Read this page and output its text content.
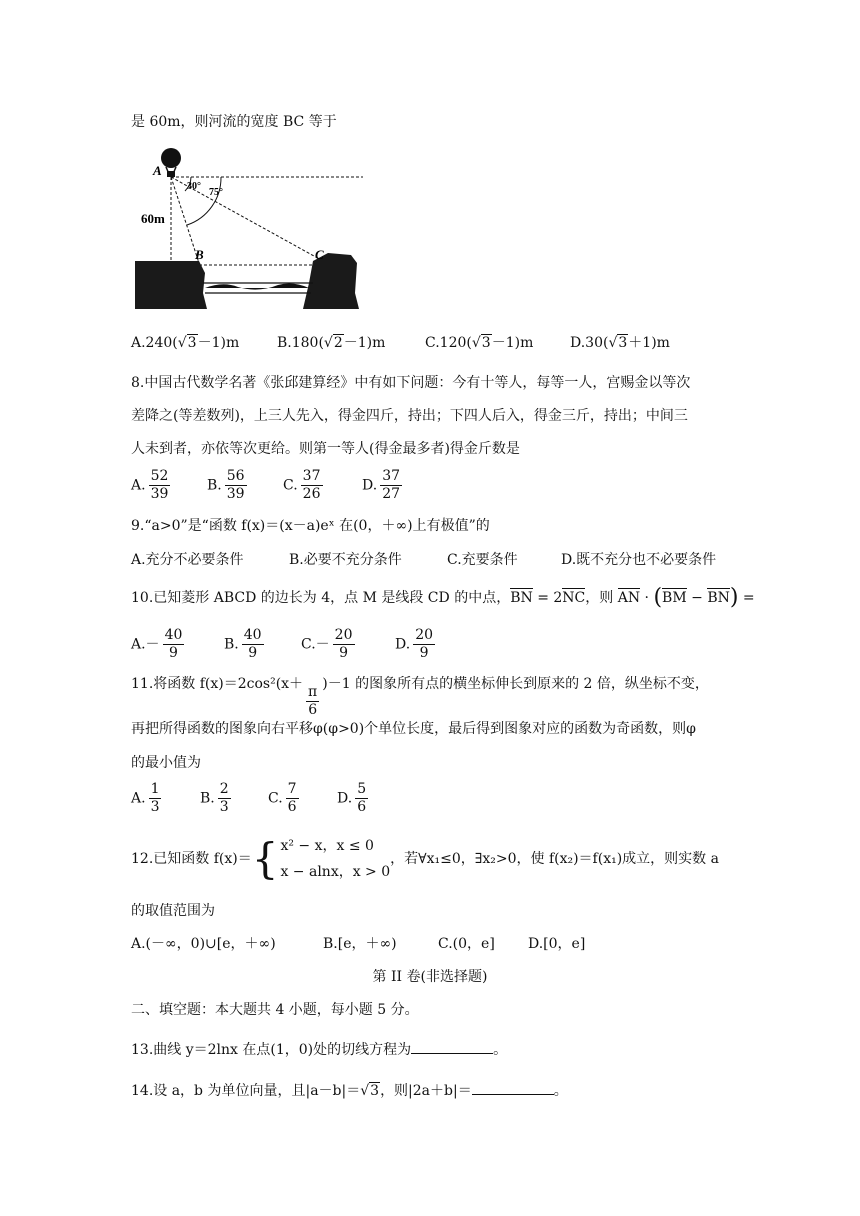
是 60m，则河流的宽度 BC 等于
A
60m
30°
75°
B	C
A.240(√3－1)m	B.180(√2－1)m	C.120(√3－1)m	D.30(√3＋1)m
8.中国古代数学名著《张邱建算经》中有如下问题：今有十等人，每等一人，宫赐金以等次
差降之(等差数列)，上三人先入，得金四斤，持出；下四人后入，得金三斤，持出；中间三
人未到者，亦依等次更给。则第一等人(得金最多者)得金斤数是
A. $\frac{52}{39}$	B. $\frac{56}{39}$	C. $\frac{37}{26}$	D. $\frac{37}{27}$
9.“a>0”是“函数 f(x)＝(x－a)eˣ 在(0，＋∞)上有极值”的
A.充分不必要条件	B.必要不充分条件	C.充要条件	D.既不充分也不必要条件
10.已知菱形 ABCD 的边长为 4，点 M 是线段 CD 的中点，BN = 2NC，则 AN · (BM − BN) =
$A.- \frac{40}{9}$	B. $\frac{40}{9}$	$C.- \frac{20}{9}$	D. $\frac{20}{9}$
11.将函数 $f(x)=2\cos^2(x+ \frac{\pi}{6} )-1$ 的图象所有点的横坐标伸长到原来的 2 倍，纵坐标不变，
再把所得函数的图象向右平移φ(φ>0)个单位长度，最后得到图象对应的函数为奇函数，则φ
的最小值为
A. $\frac{1}{3}$	B. $\frac{2}{3}$	C. $\frac{7}{6}$	D. $\frac{5}{6}$
12.已知函数 f(x)＝ { x² − x，x ≤ 0
x − alnx，x > 0
，若∀x₁≤0，∃x₂>0，使 f(x₂)＝f(x₁)成立，则实数 a
的取值范围为
A.(－∞，0)∪[e，＋∞)	B.[e，＋∞)	C.(0，e] D.[0，e]
第 II 卷(非选择题)
二、填空题：本大题共 4 小题，每小题 5 分。
13.曲线 y＝2lnx 在点(1，0)处的切线方程为	。
14.设 a，b 为单位向量，且|a－b|＝√3，则|2a＋b|＝	。
